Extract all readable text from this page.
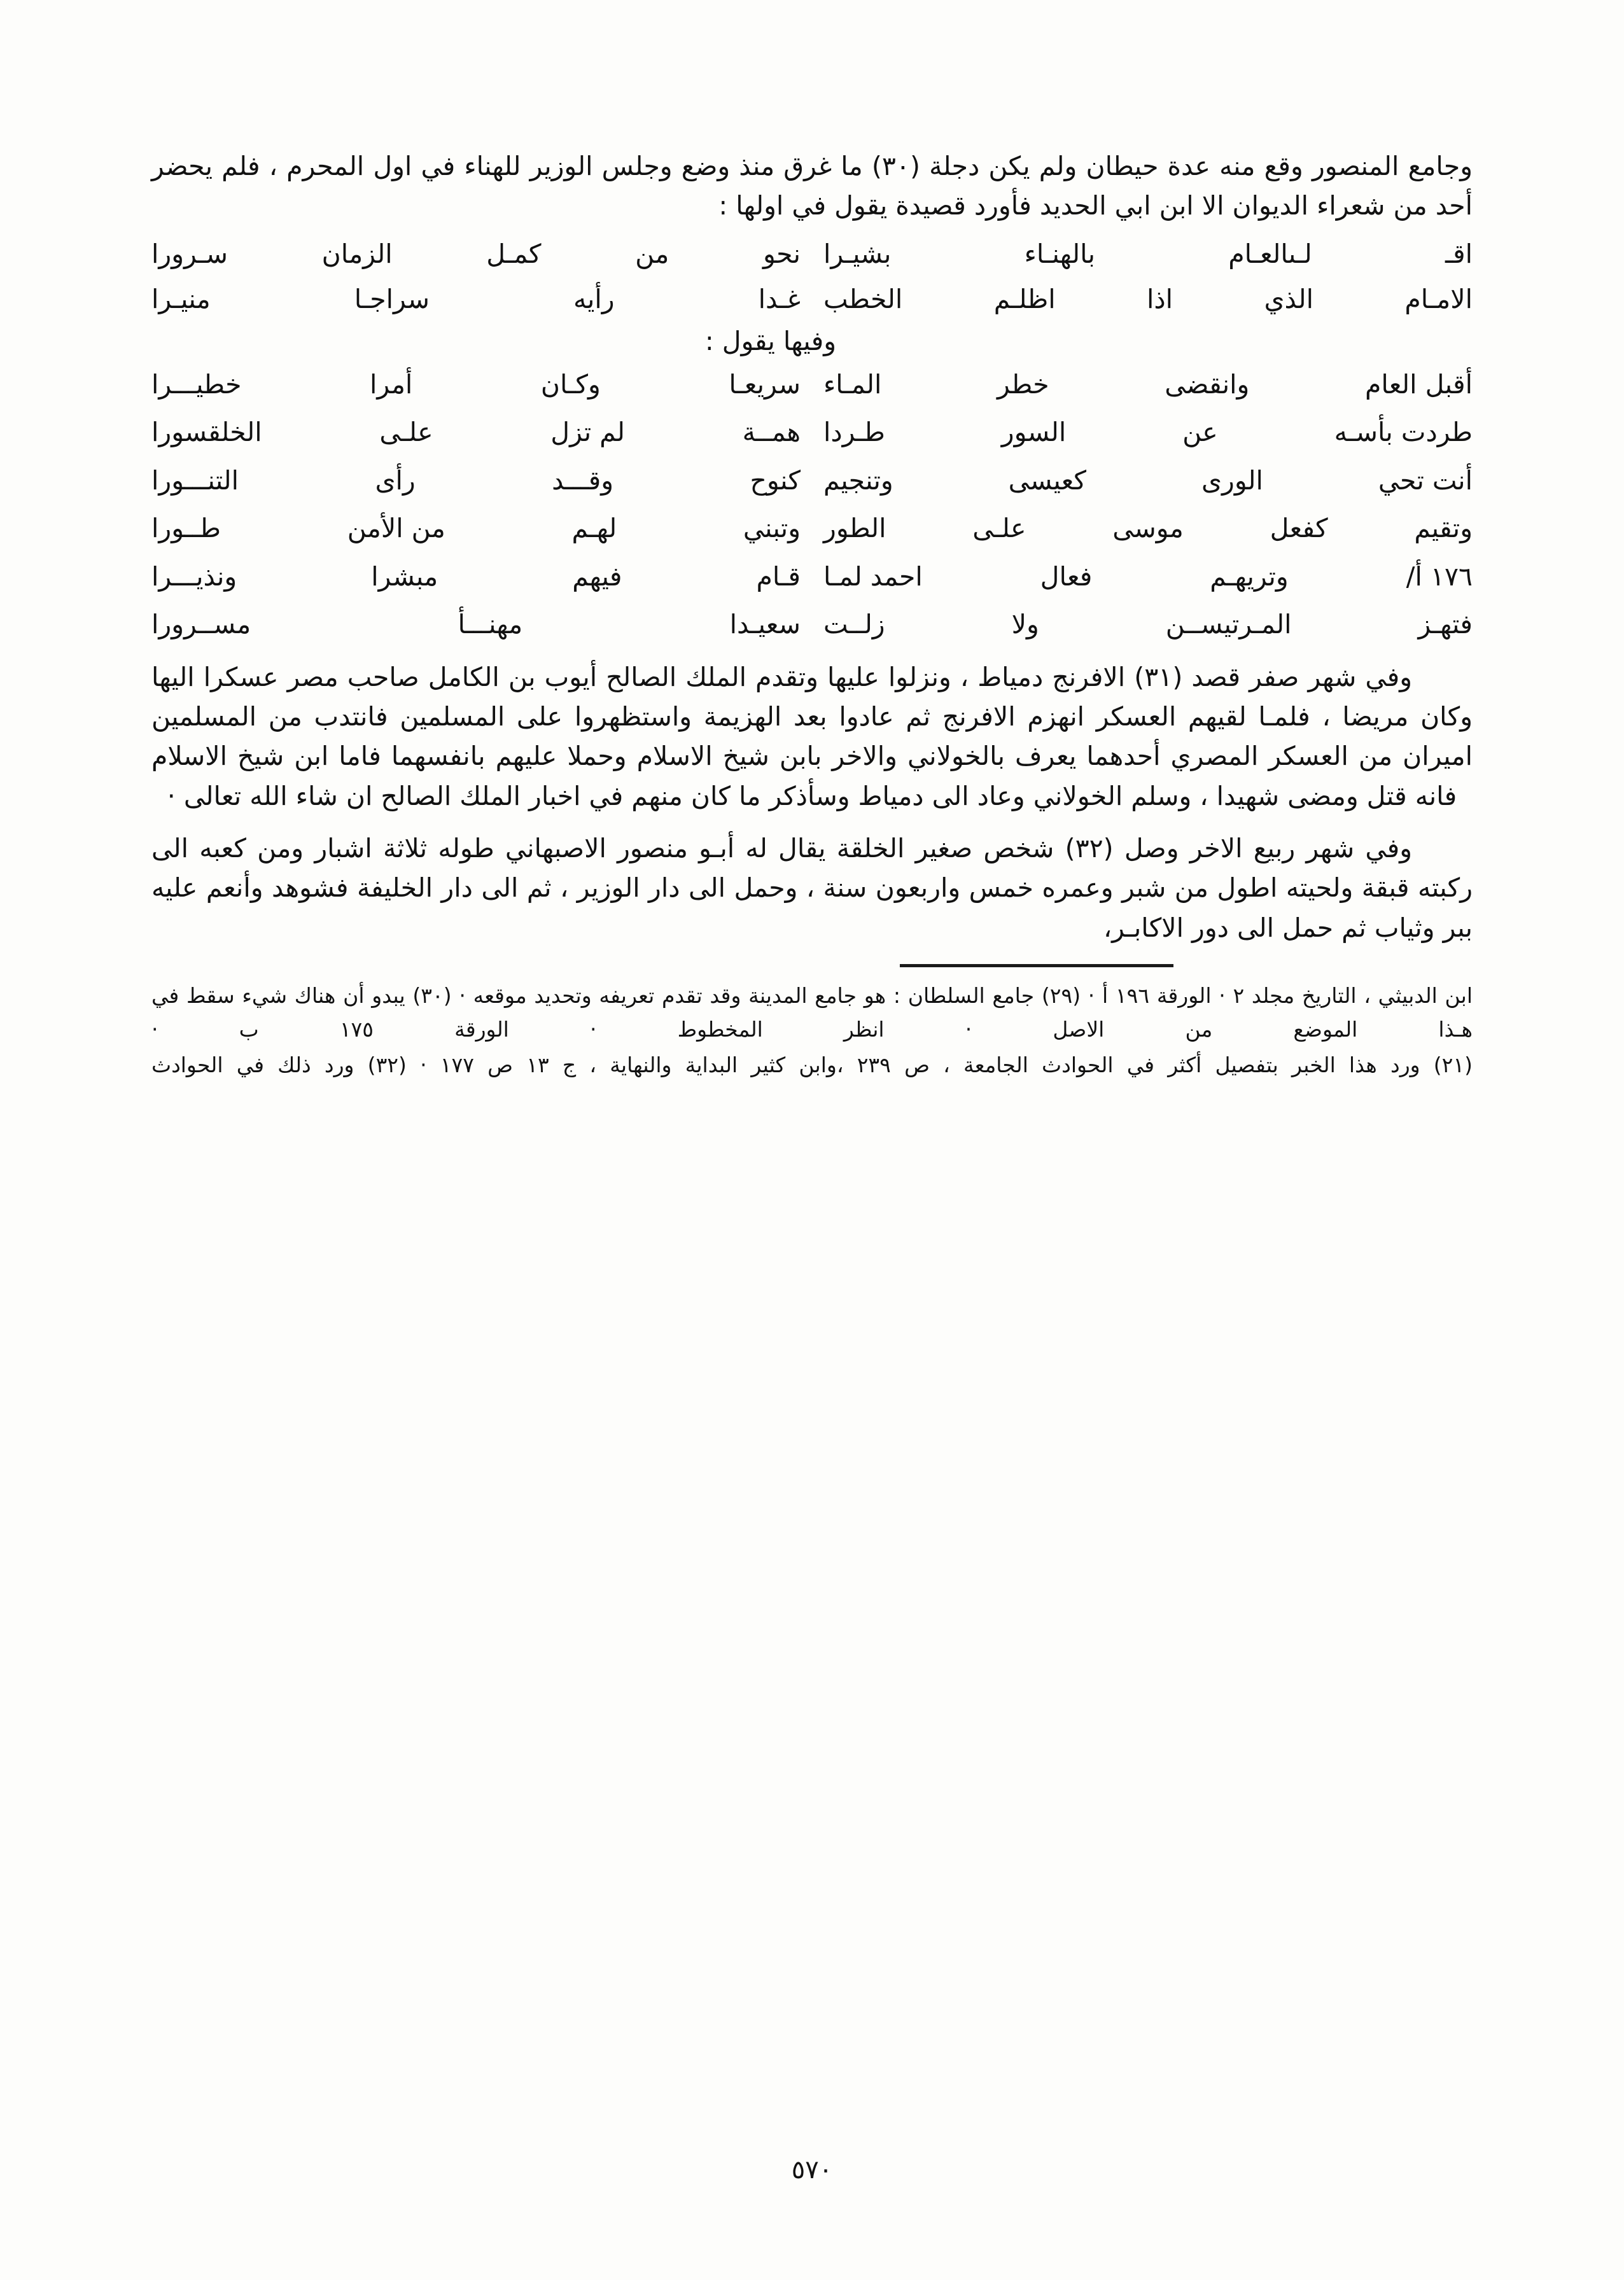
وجامع المنصور وقع منه عدة حيطان ولم يكن دجلة (٣٠) ما غرق منذ وضع وجلس الوزير للهناء في اول المحرم ، فلم يحضر أحد من شعراء الديوان الا ابن ابي الحديد فأورد قصيدة يقول في اولها :

اقـ
لـىالعـام
بالهنـاء
بشيـرا
نحو
من
كمـل
الزمان
سـرورا
الامـام
الذي
اذا
اظلـم
الخطب
غـدا
رأيه
سراجـا
منيـرا
وفيها يقول :
أقبل العام
وانقضى
خطر
المـاء
سريعـا
وكـان
أمرا
خطيـــرا
طردت بأسـه
عن
السور
طـردا
همــة
لم تزل
علـى
الخلقسورا
أنت تحي
الورى
كعيسى
وتنجيم
كنوح
وقـــد
رأى
التنـــورا
وتقيم
كفعل
موسى
علـى
الطور
وتبني
لهـم
من الأمن
طــورا
١٧٦ أ/
وتريهـم
فعال
احمد لمـا
قـام
فيهم
مبشرا
ونذيـــرا
فتهـز
المـرتيســن
ولا
زلــت
سعيـدا
مهنـــأ
مســرورا

وفي شهر صفر قصد (٣١) الافرنج دمياط ، ونزلوا عليها وتقدم الملك الصالح أيوب بن الكامل صاحب مصر عسكرا اليها وكان مريضا ، فلمـا لقيهم العسكر انهزم الافرنج ثم عادوا بعد الهزيمة واستظهروا على المسلمين فانتدب من المسلمين اميران من العسكر المصري أحدهما يعرف بالخولاني والاخر بابن شيخ الاسلام وحملا عليهم بانفسهما فاما ابن شيخ الاسلام فانه قتل ومضى شهيدا ، وسلم الخولاني وعاد الى دمياط وسأذكر ما كان منهم في اخبار الملك الصالح ان شاء الله تعالى ·

وفي شهر ربيع الاخر وصل (٣٢) شخص صغير الخلقة يقال له أبـو منصور الاصبهاني طوله ثلاثة اشبار ومن كعبه الى ركبته قبقة ولحيته اطول من شبر وعمره خمس واربعون سنة ، وحمل الى دار الوزير ، ثم الى دار الخليفة فشوهد وأنعم عليه ببر وثياب ثم حمل الى دور الاكابـر،

ابن الدبيثي ، التاريخ مجلد ٢ · الورقة ١٩٦ أ · (٢٩) جامع السلطان : هو جامع المدينة وقد تقدم تعريفه وتحديد موقعه · (٣٠) يبدو أن هناك شيء سقط في هـذا الموضع من الاصل · انظر المخطوط · الورقة ١٧٥ ب ·

(٢١) ورد هذا الخبر بتفصيل أكثر في الحوادث الجامعة ، ص ٢٣٩ ،وابن كثير البداية والنهاية ، ج ١٣ ص ١٧٧ · (٣٢) ورد ذلك في الحوادث

٥٧٠
